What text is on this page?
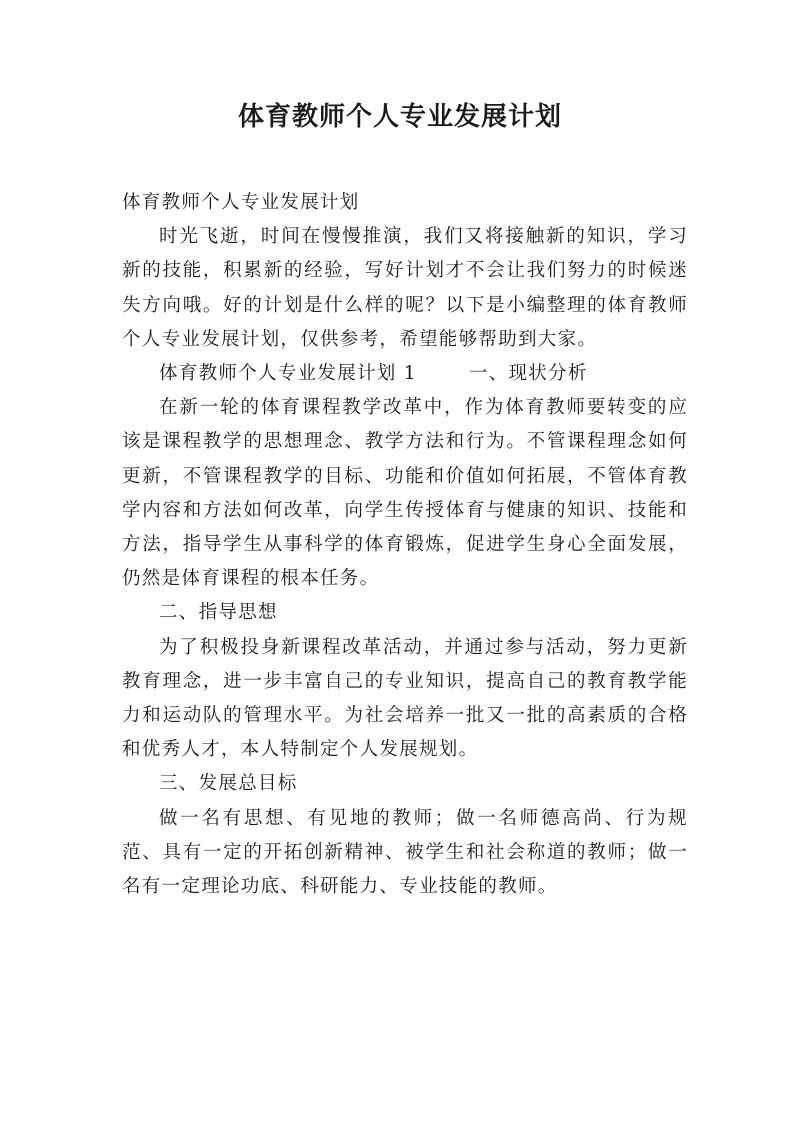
体育教师个人专业发展计划

体育教师个人专业发展计划

时光飞逝，时间在慢慢推演，我们又将接触新的知识，学习新的技能，积累新的经验，写好计划才不会让我们努力的时候迷失方向哦。好的计划是什么样的呢？以下是小编整理的体育教师个人专业发展计划，仅供参考，希望能够帮助到大家。

体育教师个人专业发展计划 1	一、现状分析

在新一轮的体育课程教学改革中，作为体育教师要转变的应该是课程教学的思想理念、教学方法和行为。不管课程理念如何更新，不管课程教学的目标、功能和价值如何拓展，不管体育教学内容和方法如何改革，向学生传授体育与健康的知识、技能和方法，指导学生从事科学的体育锻炼，促进学生身心全面发展，仍然是体育课程的根本任务。

二、指导思想

为了积极投身新课程改革活动，并通过参与活动，努力更新教育理念，进一步丰富自己的专业知识，提高自己的教育教学能力和运动队的管理水平。为社会培养一批又一批的高素质的合格和优秀人才，本人特制定个人发展规划。

三、发展总目标

做一名有思想、有见地的教师；做一名师德高尚、行为规范、具有一定的开拓创新精神、被学生和社会称道的教师；做一名有一定理论功底、科研能力、专业技能的教师。
